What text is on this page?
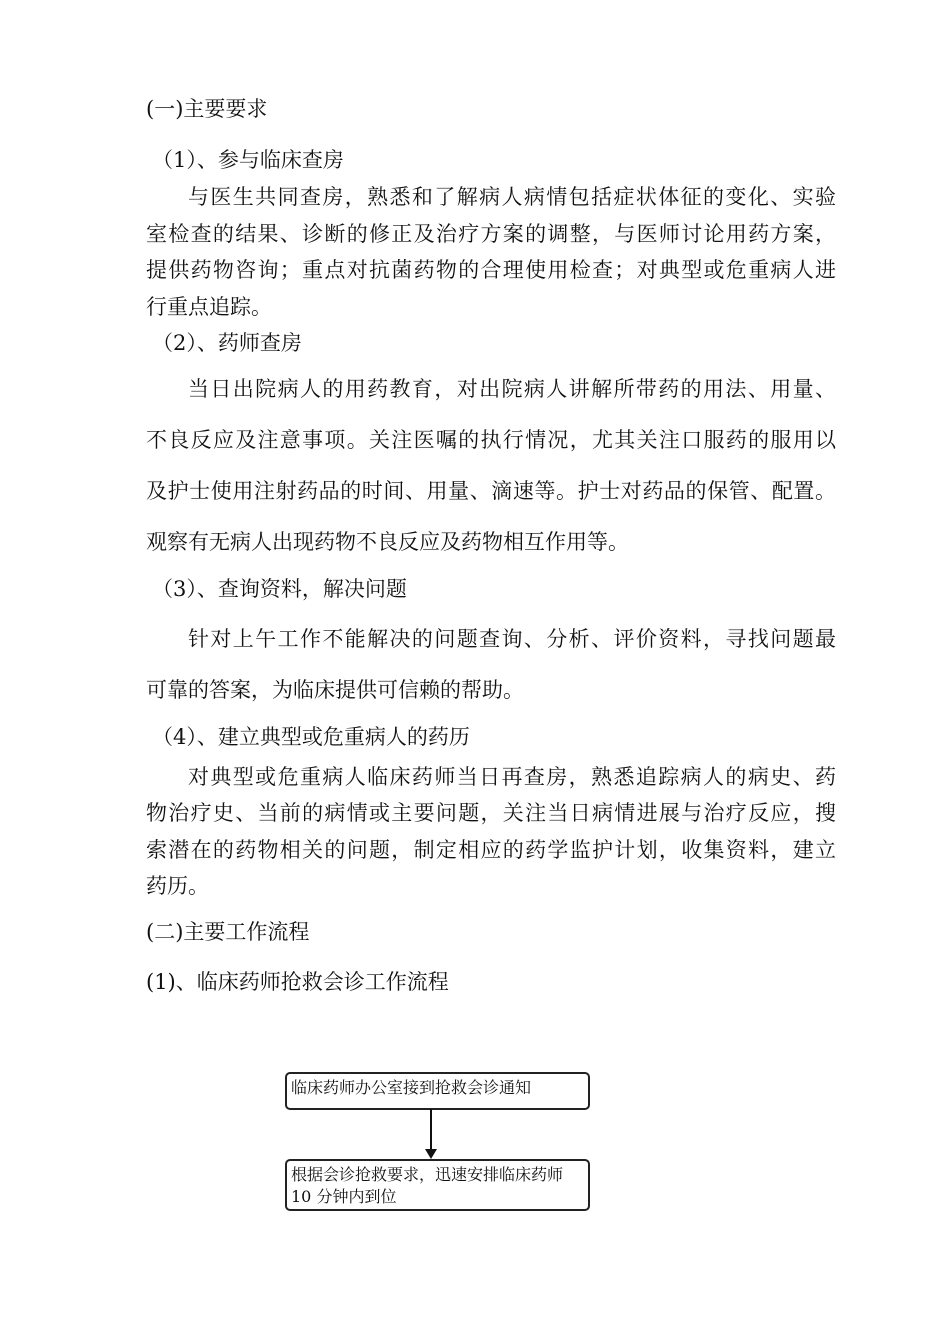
(一)主要要求
（1）、参与临床查房
与医生共同查房，熟悉和了解病人病情包括症状体征的变化、实验
室检查的结果、诊断的修正及治疗方案的调整，与医师讨论用药方案，
提供药物咨询；重点对抗菌药物的合理使用检查；对典型或危重病人进
行重点追踪。
（2）、药师查房
当日出院病人的用药教育，对出院病人讲解所带药的用法、用量、
不良反应及注意事项。关注医嘱的执行情况，尤其关注口服药的服用以
及护士使用注射药品的时间、用量、滴速等。护士对药品的保管、配置。
观察有无病人出现药物不良反应及药物相互作用等。
（3）、查询资料，解决问题
针对上午工作不能解决的问题查询、分析、评价资料，寻找问题最
可靠的答案，为临床提供可信赖的帮助。
（4）、建立典型或危重病人的药历
对典型或危重病人临床药师当日再查房，熟悉追踪病人的病史、药
物治疗史、当前的病情或主要问题，关注当日病情进展与治疗反应，搜
索潜在的药物相关的问题，制定相应的药学监护计划，收集资料，建立
药历。
(二)主要工作流程
(1)、临床药师抢救会诊工作流程
临床药师办公室接到抢救会诊通知
根据会诊抢救要求，迅速安排临床药师
10 分钟内到位
